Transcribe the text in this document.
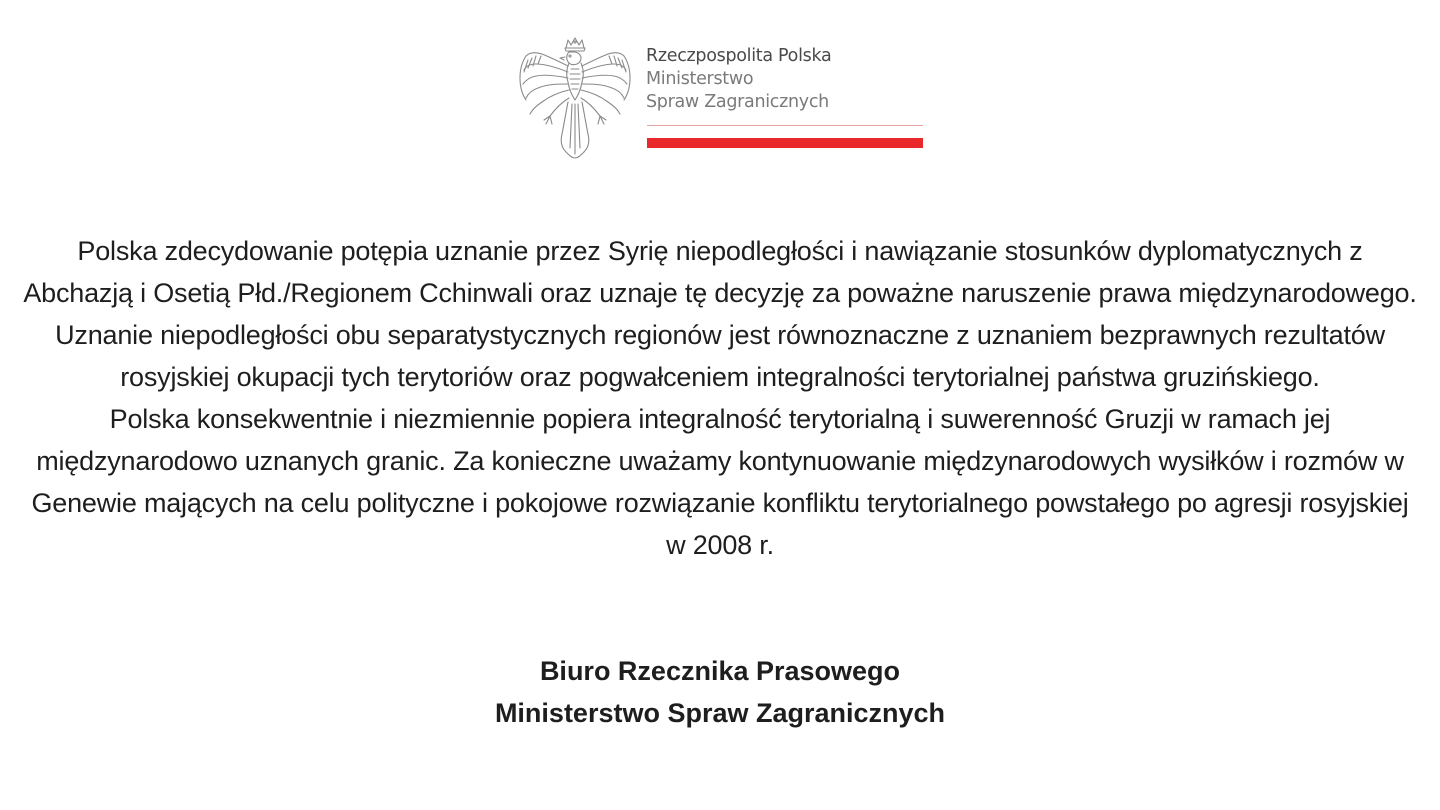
Rzeczpospolita Polska
Ministerstwo
Spraw Zagranicznych

Polska zdecydowanie potępia uznanie przez Syrię niepodległości i nawiązanie stosunków dyplomatycznych z Abchazją i Osetią Płd./Regionem Cchinwali oraz uznaje tę decyzję za poważne naruszenie prawa międzynarodowego. Uznanie niepodległości obu separatystycznych regionów jest równoznaczne z uznaniem bezprawnych rezultatów rosyjskiej okupacji tych terytoriów oraz pogwałceniem integralności terytorialnej państwa gruzińskiego.

Polska konsekwentnie i niezmiennie popiera integralność terytorialną i suwerenność Gruzji w ramach jej międzynarodowo uznanych granic. Za konieczne uważamy kontynuowanie międzynarodowych wysiłków i rozmów w Genewie mających na celu polityczne i pokojowe rozwiązanie konfliktu terytorialnego powstałego po agresji rosyjskiej w 2008 r.

Biuro Rzecznika Prasowego
Ministerstwo Spraw Zagranicznych
